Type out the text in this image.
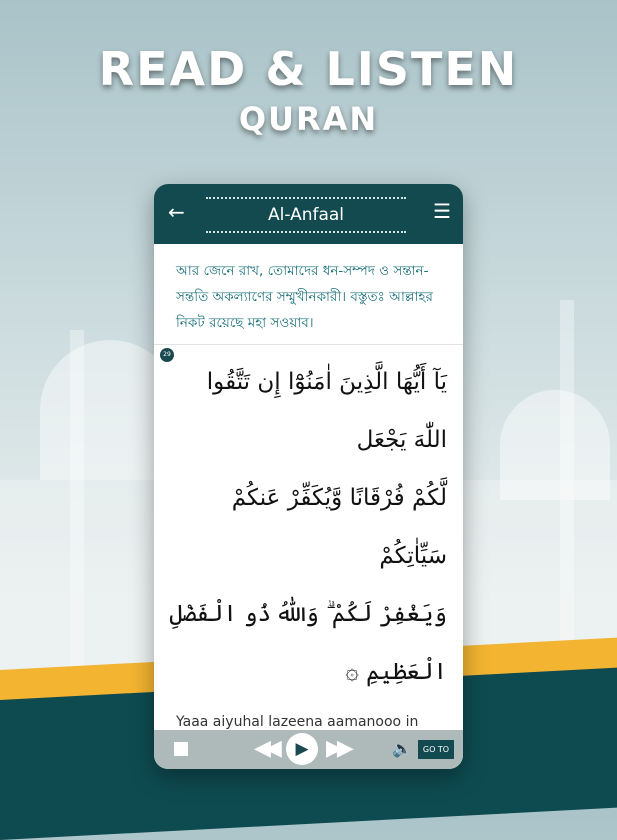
READ & LISTEN
QURAN
←	Al-Anfaal	☰
আর জেনে রাখ, তোমাদের ধন-সম্পদ ও সন্তান-সন্ততি অকল্যাণের সম্মুখীনকারী। বস্তুতঃ আল্লাহর নিকট রয়েছে মহা সওয়াব।
29
يَآ أَيُّهَا الَّذِينَ اٰمَنُوْٓا إِن تَتَّقُوا اللّٰهَ يَجْعَل
لَّكُمْ فُرْقَانًا وَّيُكَفِّرْ عَنكُمْ سَيِّاٰتِكُمْ
وَيَغْفِرْ لَكُمْ ۗ وَاللّٰهُ ذُو الْفَضْلِ الْعَظِيمِ ۞
Yaaa aiyuhal lazeena aamanooo in
◀◀	▶ ▶▶	🔈	GO TO
